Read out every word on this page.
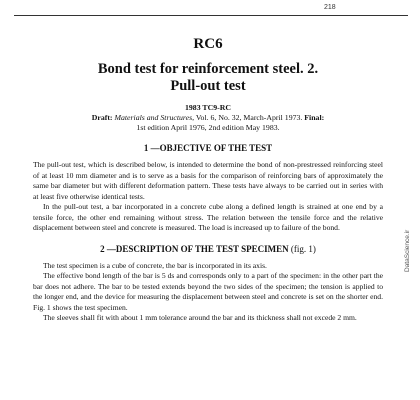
218
DataScience.ir
RC6
Bond test for reinforcement steel. 2.
Pull-out test
1983 TC9-RC
Draft: Materials and Structures, Vol. 6, No. 32, March-April 1973. Final:
1st edition April 1976, 2nd edition May 1983.
1 —OBJECTIVE OF THE TEST

The pull-out test, which is described below, is intended to determine the bond of non-prestressed reinforcing steel of at least 10 mm diameter and is to serve as a basis for the comparison of reinforcing bars of approximately the same bar diameter but with different deformation pattern. These tests have always to be carried out in series with at least five otherwise identical tests.

In the pull-out test, a bar incorporated in a concrete cube along a defined length is strained at one end by a tensile force, the other end remaining without stress. The relation between the tensile force and the relative displacement between steel and concrete is measured. The load is increased up to failure of the bond.

2 —DESCRIPTION OF THE TEST SPECIMEN (fig. 1)

The test specimen is a cube of concrete, the bar is incorporated in its axis.

The effective bond length of the bar is 5 ds and corresponds only to a part of the specimen: in the other part the bar does not adhere. The bar to be tested extends beyond the two sides of the specimen; the tension is applied to the longer end, and the device for measuring the displacement between steel and concrete is set on the shorter end. Fig. 1 shows the test specimen.

The sleeves shall fit with about 1 mm tolerance around the bar and its thickness shall not excede 2 mm.
